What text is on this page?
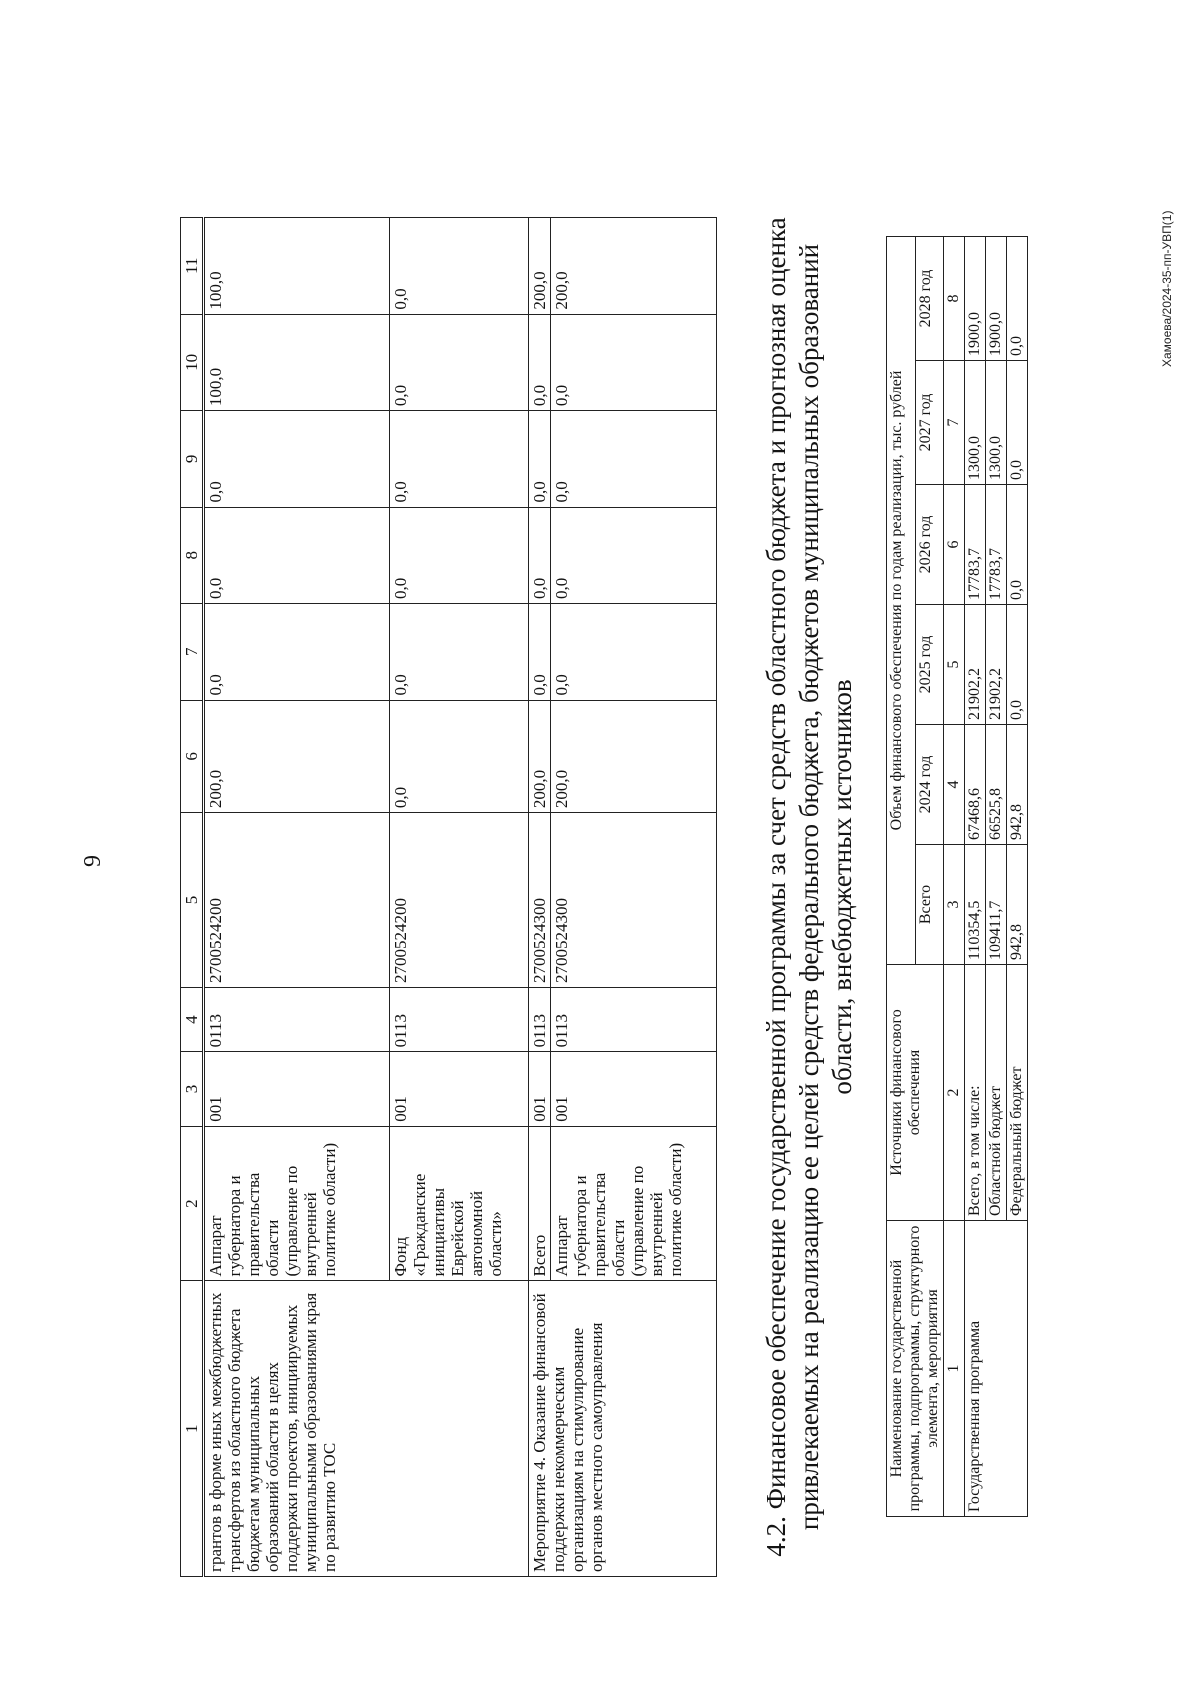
9
1	2	3	4	5	6	7	8	9	10	11
грантов в форме иных межбюджетных трансфертов из областного бюджета бюджетам муниципальных образований области в целях поддержки проектов, инициируемых муниципальными образованиями края по развитию ТОС	Аппарат губернатора и правительства области (управление по внутренней политике области)	001	0113	2700524200	200,0	0,0	0,0	0,0	100,0	100,0
	Фонд «Гражданские инициативы Еврейской автономной области»	001	0113	2700524200	0,0	0,0	0,0	0,0	0,0	0,0
Мероприятие 4. Оказание финансовой поддержки некоммерческим организациям на стимулирование органов местного самоуправления	Всего	001	0113	2700524300	200,0	0,0	0,0	0,0	0,0	200,0
	Аппарат губернатора и правительства области (управление по внутренней политике области)	001	0113	2700524300	200,0	0,0	0,0	0,0	0,0	200,0	4.2. Финансовое обеспечение государственной программы за счет средств областного бюджета и прогнозная оценка привлекаемых на реализацию ее целей средств федерального бюджета, бюджетов муниципальных образований области, внебюджетных источников
Наименование государственной программы, подпрограммы, структурного элемента, мероприятия	Источники финансового обеспечения	Объем финансового обеспечения по годам реализации, тыс. рублей					
		Всего	2024 год	2025 год	2026 год	2027 год	2028 год
1	2	3	4	5	6	7	8
Государственная программа	Всего, в том числе:	110354,5	67468,6	21902,2	17783,7	1300,0	1900,0
	Областной бюджет	109411,7	66525,8	21902,2	17783,7	1300,0	1900,0
	Федеральный бюджет	942,8	942,8	0,0	0,0	0,0	0,0	Хамоева/2024-35-пп-УВП(1)
